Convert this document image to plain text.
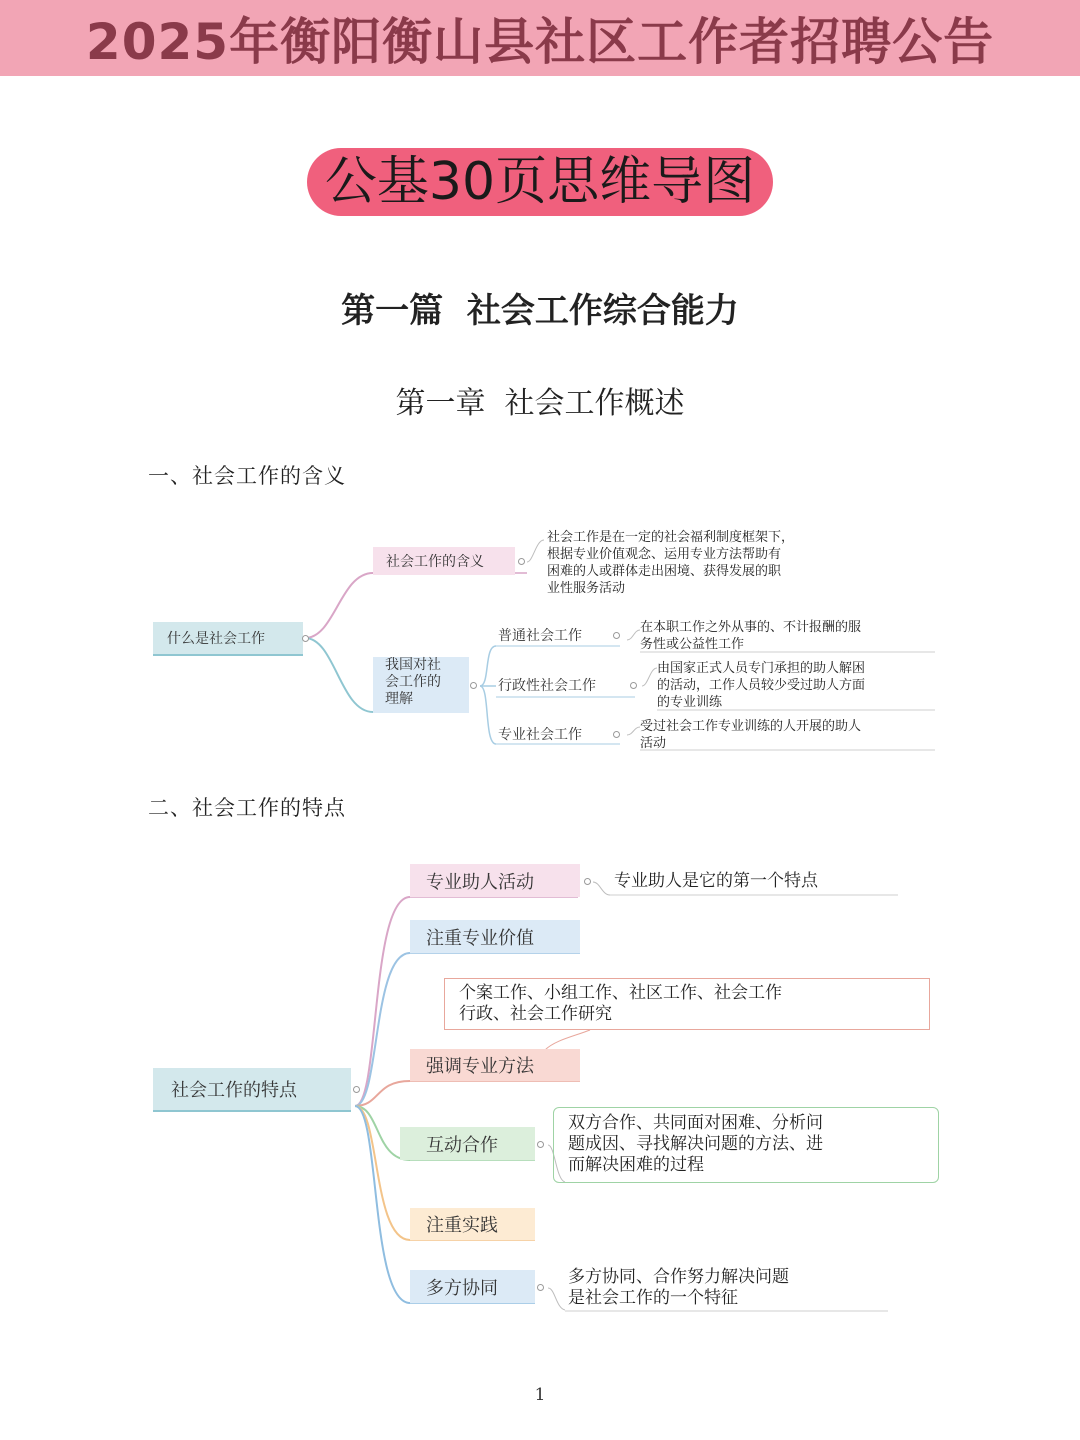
2025年衡阳衡山县社区工作者招聘公告
公基30页思维导图
第一篇  社会工作综合能力
第一章  社会工作概述
一、社会工作的含义
什么是社会工作
社会工作的含义
社会工作是在一定的社会福利制度框架下，
根据专业价值观念、运用专业方法帮助有
困难的人或群体走出困境、获得发展的职
业性服务活动
我国对社
会工作的
理解
普通社会工作
在本职工作之外从事的、不计报酬的服
务性或公益性工作
行政性社会工作
由国家正式人员专门承担的助人解困
的活动，工作人员较少受过助人方面
的专业训练
专业社会工作
受过社会工作专业训练的人开展的助人
活动
二、社会工作的特点
社会工作的特点
专业助人活动	专业助人是它的第一个特点
注重专业价值
个案工作、小组工作、社区工作、社会工作
行政、社会工作研究
强调专业方法
互动合作
双方合作、共同面对困难、分析问
题成因、寻找解决问题的方法、进
而解决困难的过程
注重实践
多方协同
多方协同、合作努力解决问题
是社会工作的一个特征
1
